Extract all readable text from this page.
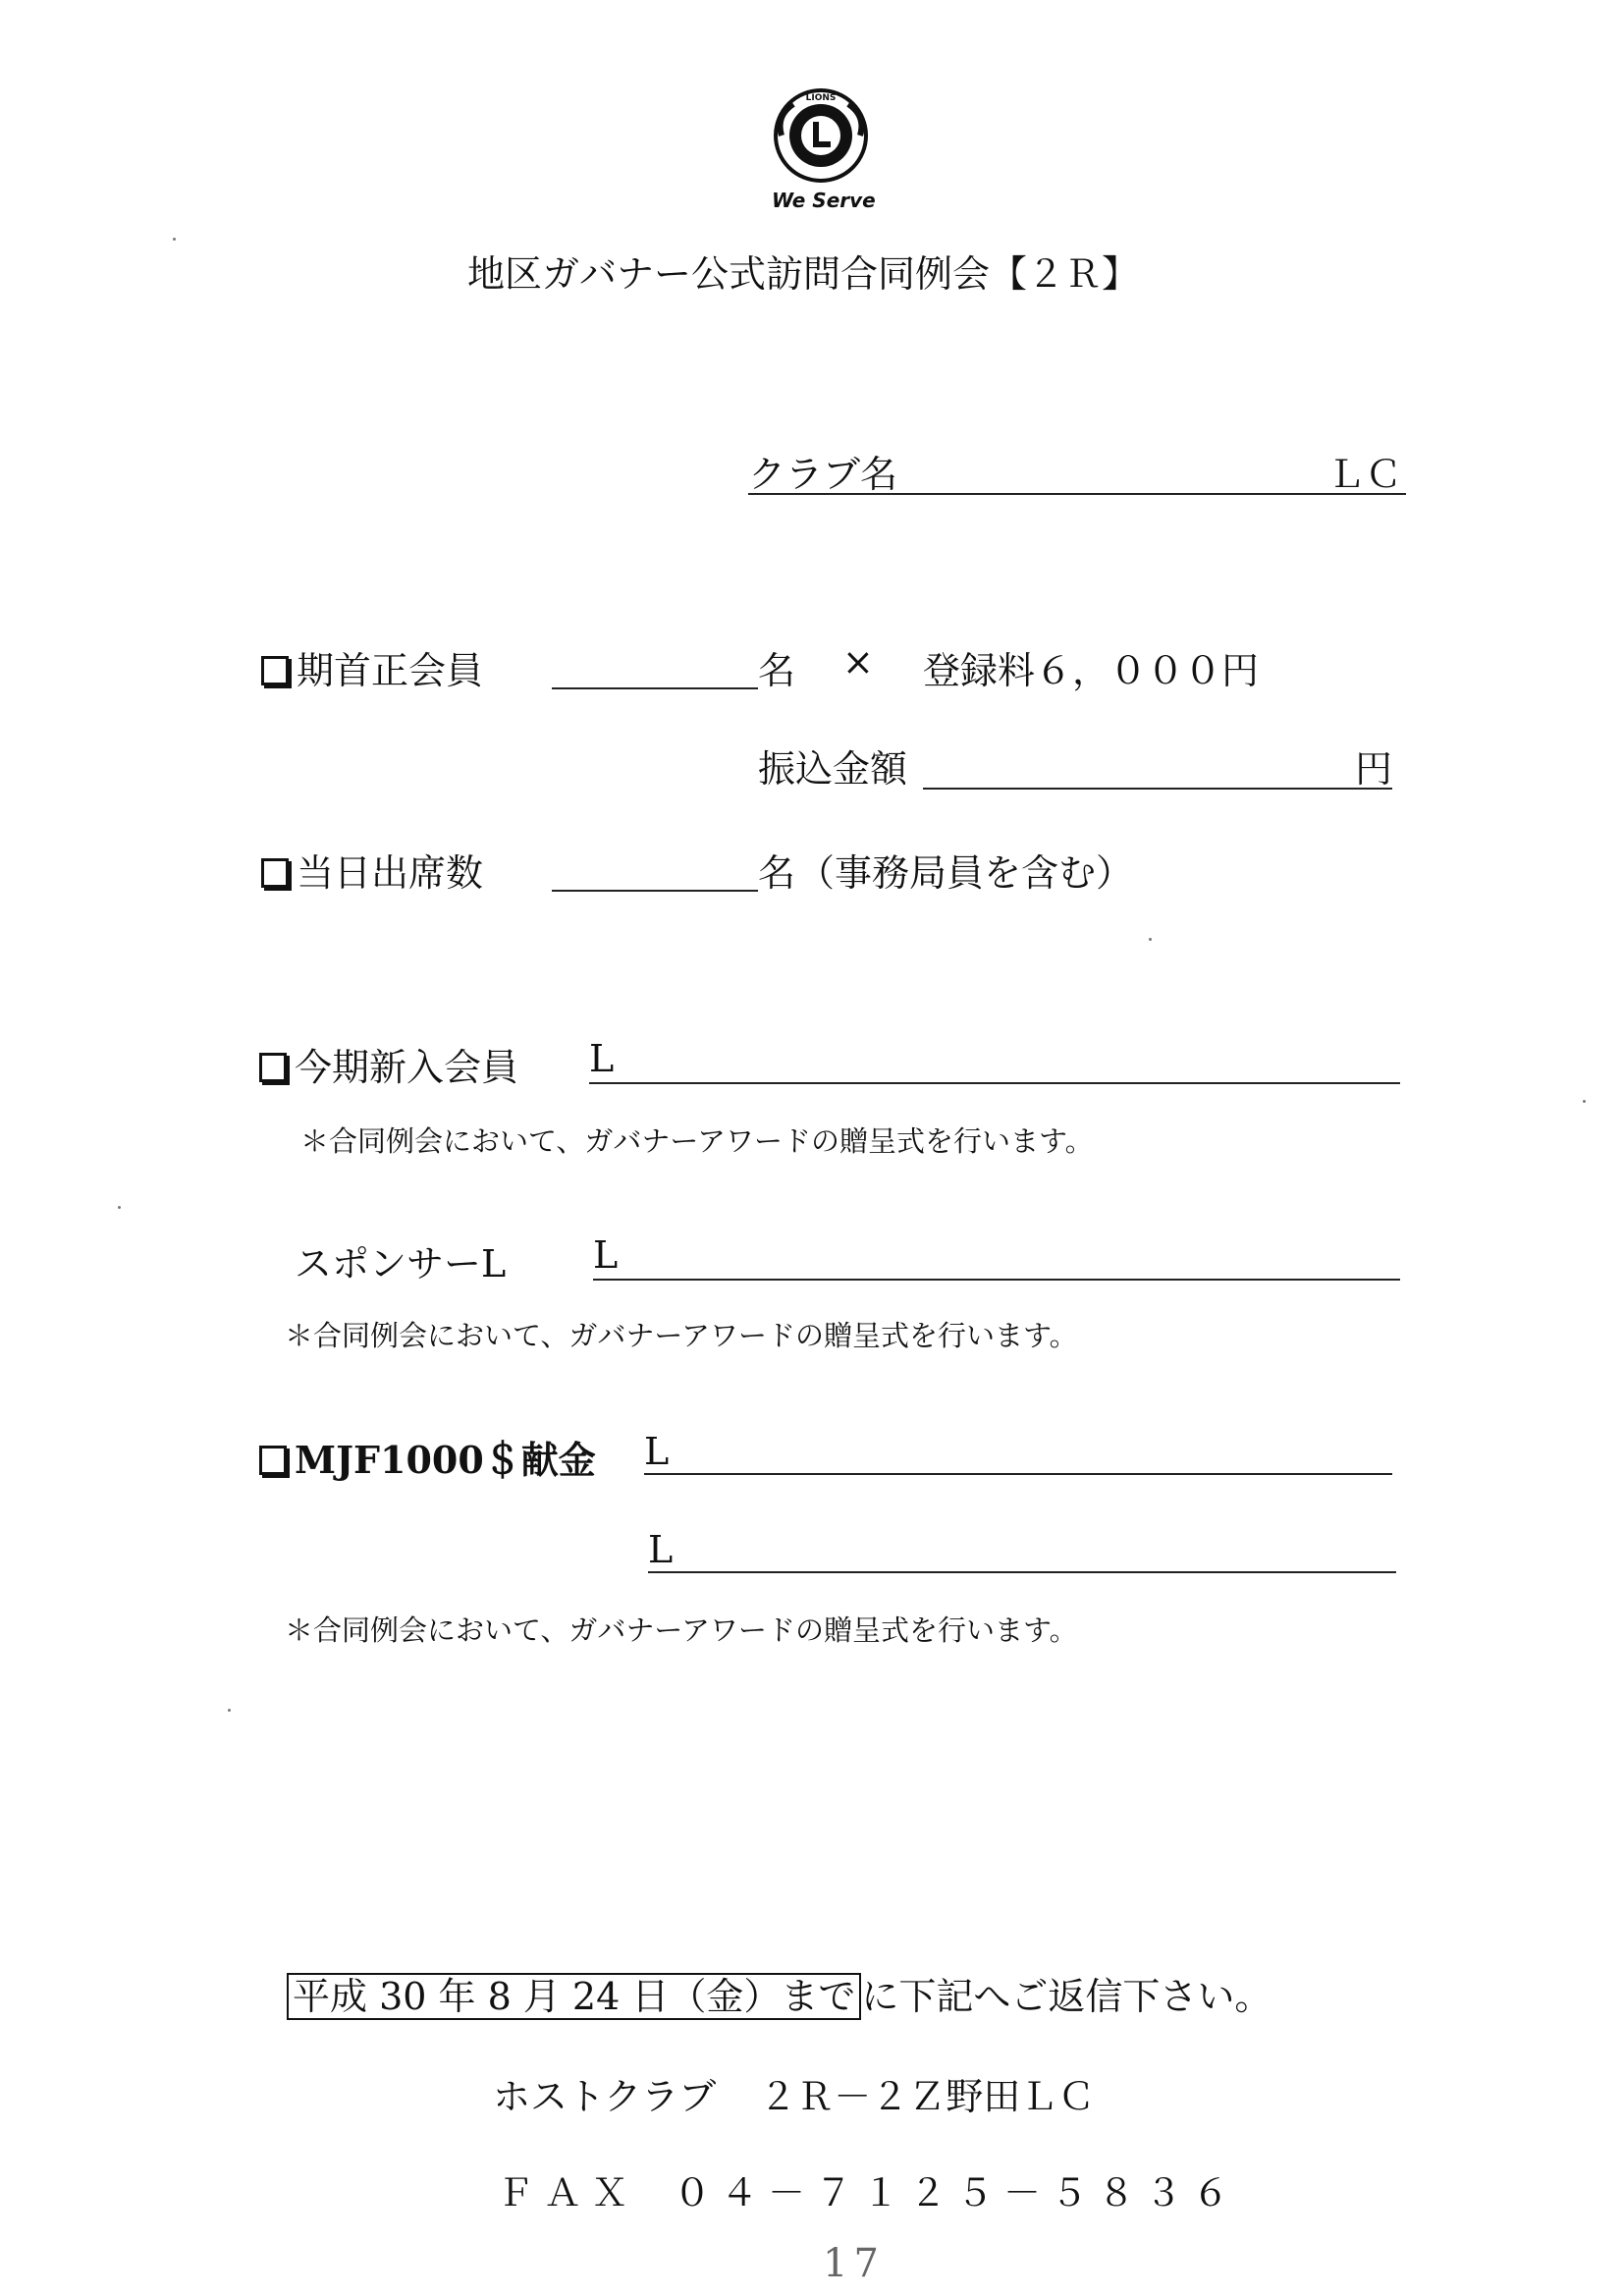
LIONS
We Serve
地区ガバナー公式訪問合同例会【２Ｒ】
クラブ名	ＬＣ
期首正会員	名 × 登録料６，０００円
振込金額	円
当日出席数	名 （事務局員を含む）
今期新入会員 L
＊合同例会において、ガバナーアワードの贈呈式を行います。
スポンサーL L
＊合同例会において、ガバナーアワードの贈呈式を行います。
MJF1000＄献金 L
L
＊合同例会において、ガバナーアワードの贈呈式を行います。
平成 30 年 8 月 24 日（金）まで に下記へご返信下さい。
ホストクラブ ２Ｒ－２Ｚ野田ＬＣ
ＦＡＸ ０４－７１２５－５８３６
17
